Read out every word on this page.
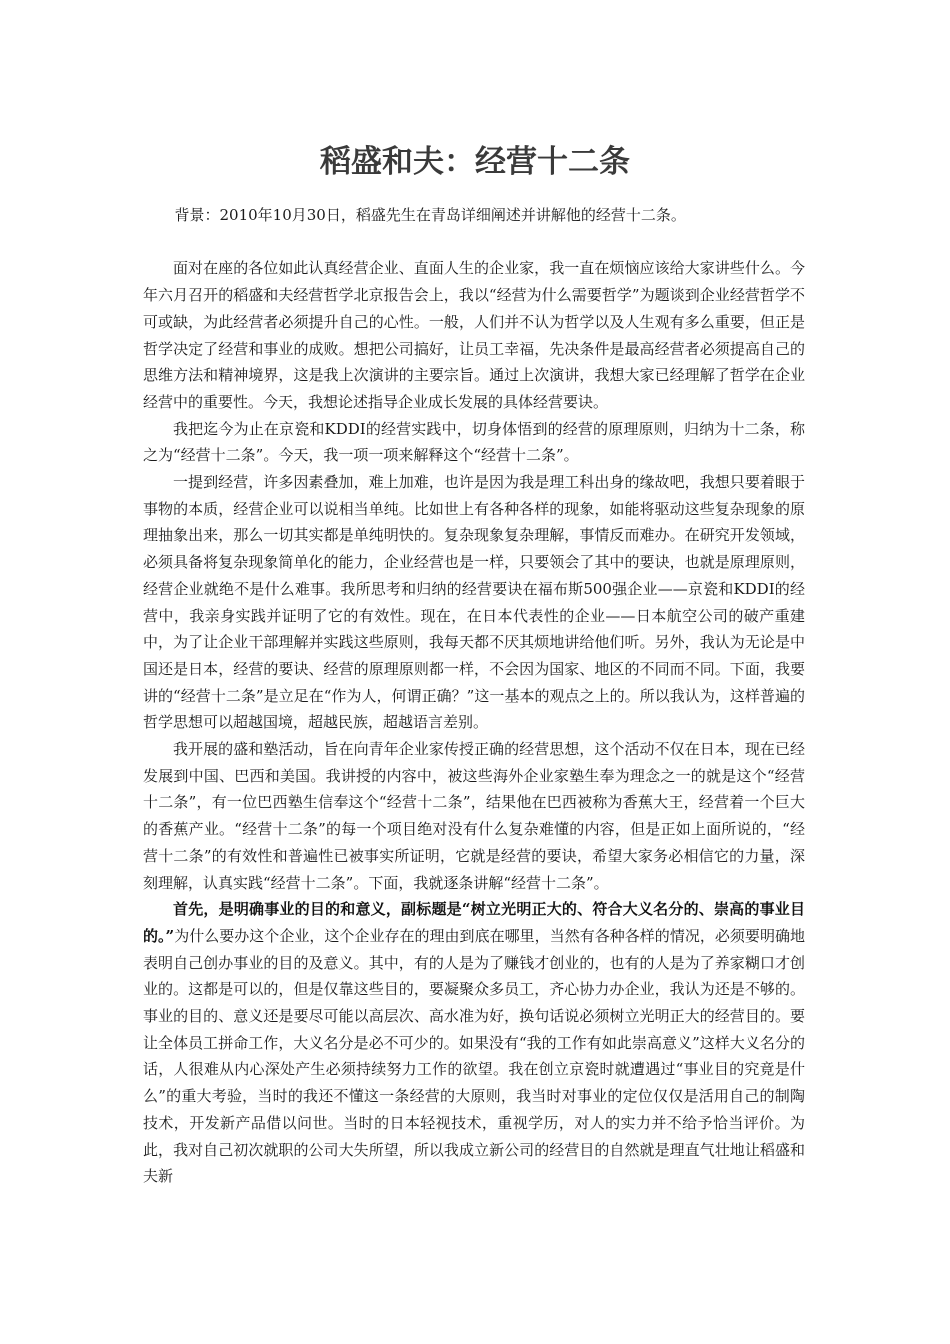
稻盛和夫：经营十二条

背景：2010年10月30日，稻盛先生在青岛详细阐述并讲解他的经营十二条。

面对在座的各位如此认真经营企业、直面人生的企业家，我一直在烦恼应该给大家讲些什么。今年六月召开的稻盛和夫经营哲学北京报告会上，我以“经营为什么需要哲学”为题谈到企业经营哲学不可或缺，为此经营者必须提升自己的心性。一般，人们并不认为哲学以及人生观有多么重要，但正是哲学决定了经营和事业的成败。想把公司搞好，让员工幸福，先决条件是最高经营者必须提高自己的思维方法和精神境界，这是我上次演讲的主要宗旨。通过上次演讲，我想大家已经理解了哲学在企业经营中的重要性。今天，我想论述指导企业成长发展的具体经营要诀。

我把迄今为止在京瓷和KDDI的经营实践中，切身体悟到的经营的原理原则，归纳为十二条，称之为“经营十二条”。今天，我一项一项来解释这个“经营十二条”。

一提到经营，许多因素叠加，难上加难，也许是因为我是理工科出身的缘故吧，我想只要着眼于事物的本质，经营企业可以说相当单纯。比如世上有各种各样的现象，如能将驱动这些复杂现象的原理抽象出来，那么一切其实都是单纯明快的。复杂现象复杂理解，事情反而难办。在研究开发领域，必须具备将复杂现象简单化的能力，企业经营也是一样，只要领会了其中的要诀，也就是原理原则，经营企业就绝不是什么难事。我所思考和归纳的经营要诀在福布斯500强企业——京瓷和KDDI的经营中，我亲身实践并证明了它的有效性。现在，在日本代表性的企业——日本航空公司的破产重建中，为了让企业干部理解并实践这些原则，我每天都不厌其烦地讲给他们听。另外，我认为无论是中国还是日本，经营的要诀、经营的原理原则都一样，不会因为国家、地区的不同而不同。下面，我要讲的“经营十二条”是立足在“作为人，何谓正确？”这一基本的观点之上的。所以我认为，这样普遍的哲学思想可以超越国境，超越民族，超越语言差别。

我开展的盛和塾活动，旨在向青年企业家传授正确的经营思想，这个活动不仅在日本，现在已经发展到中国、巴西和美国。我讲授的内容中，被这些海外企业家塾生奉为理念之一的就是这个“经营十二条”，有一位巴西塾生信奉这个“经营十二条”，结果他在巴西被称为香蕉大王，经营着一个巨大的香蕉产业。“经营十二条”的每一个项目绝对没有什么复杂难懂的内容，但是正如上面所说的，“经营十二条”的有效性和普遍性已被事实所证明，它就是经营的要诀，希望大家务必相信它的力量，深刻理解，认真实践“经营十二条”。下面，我就逐条讲解“经营十二条”。

首先，是明确事业的目的和意义，副标题是“树立光明正大的、符合大义名分的、崇高的事业目的。”为什么要办这个企业，这个企业存在的理由到底在哪里，当然有各种各样的情况，必须要明确地表明自己创办事业的目的及意义。其中，有的人是为了赚钱才创业的，也有的人是为了养家糊口才创业的。这都是可以的，但是仅靠这些目的，要凝聚众多员工，齐心协力办企业，我认为还是不够的。事业的目的、意义还是要尽可能以高层次、高水准为好，换句话说必须树立光明正大的经营目的。要让全体员工拼命工作，大义名分是必不可少的。如果没有“我的工作有如此崇高意义”这样大义名分的话，人很难从内心深处产生必须持续努力工作的欲望。我在创立京瓷时就遭遇过“事业目的究竟是什么”的重大考验，当时的我还不懂这一条经营的大原则，我当时对事业的定位仅仅是活用自己的制陶技术，开发新产品借以问世。当时的日本轻视技术，重视学历，对人的实力并不给予恰当评价。为此，我对自己初次就职的公司大失所望，所以我成立新公司的经营目的自然就是理直气壮地让稻盛和夫新
